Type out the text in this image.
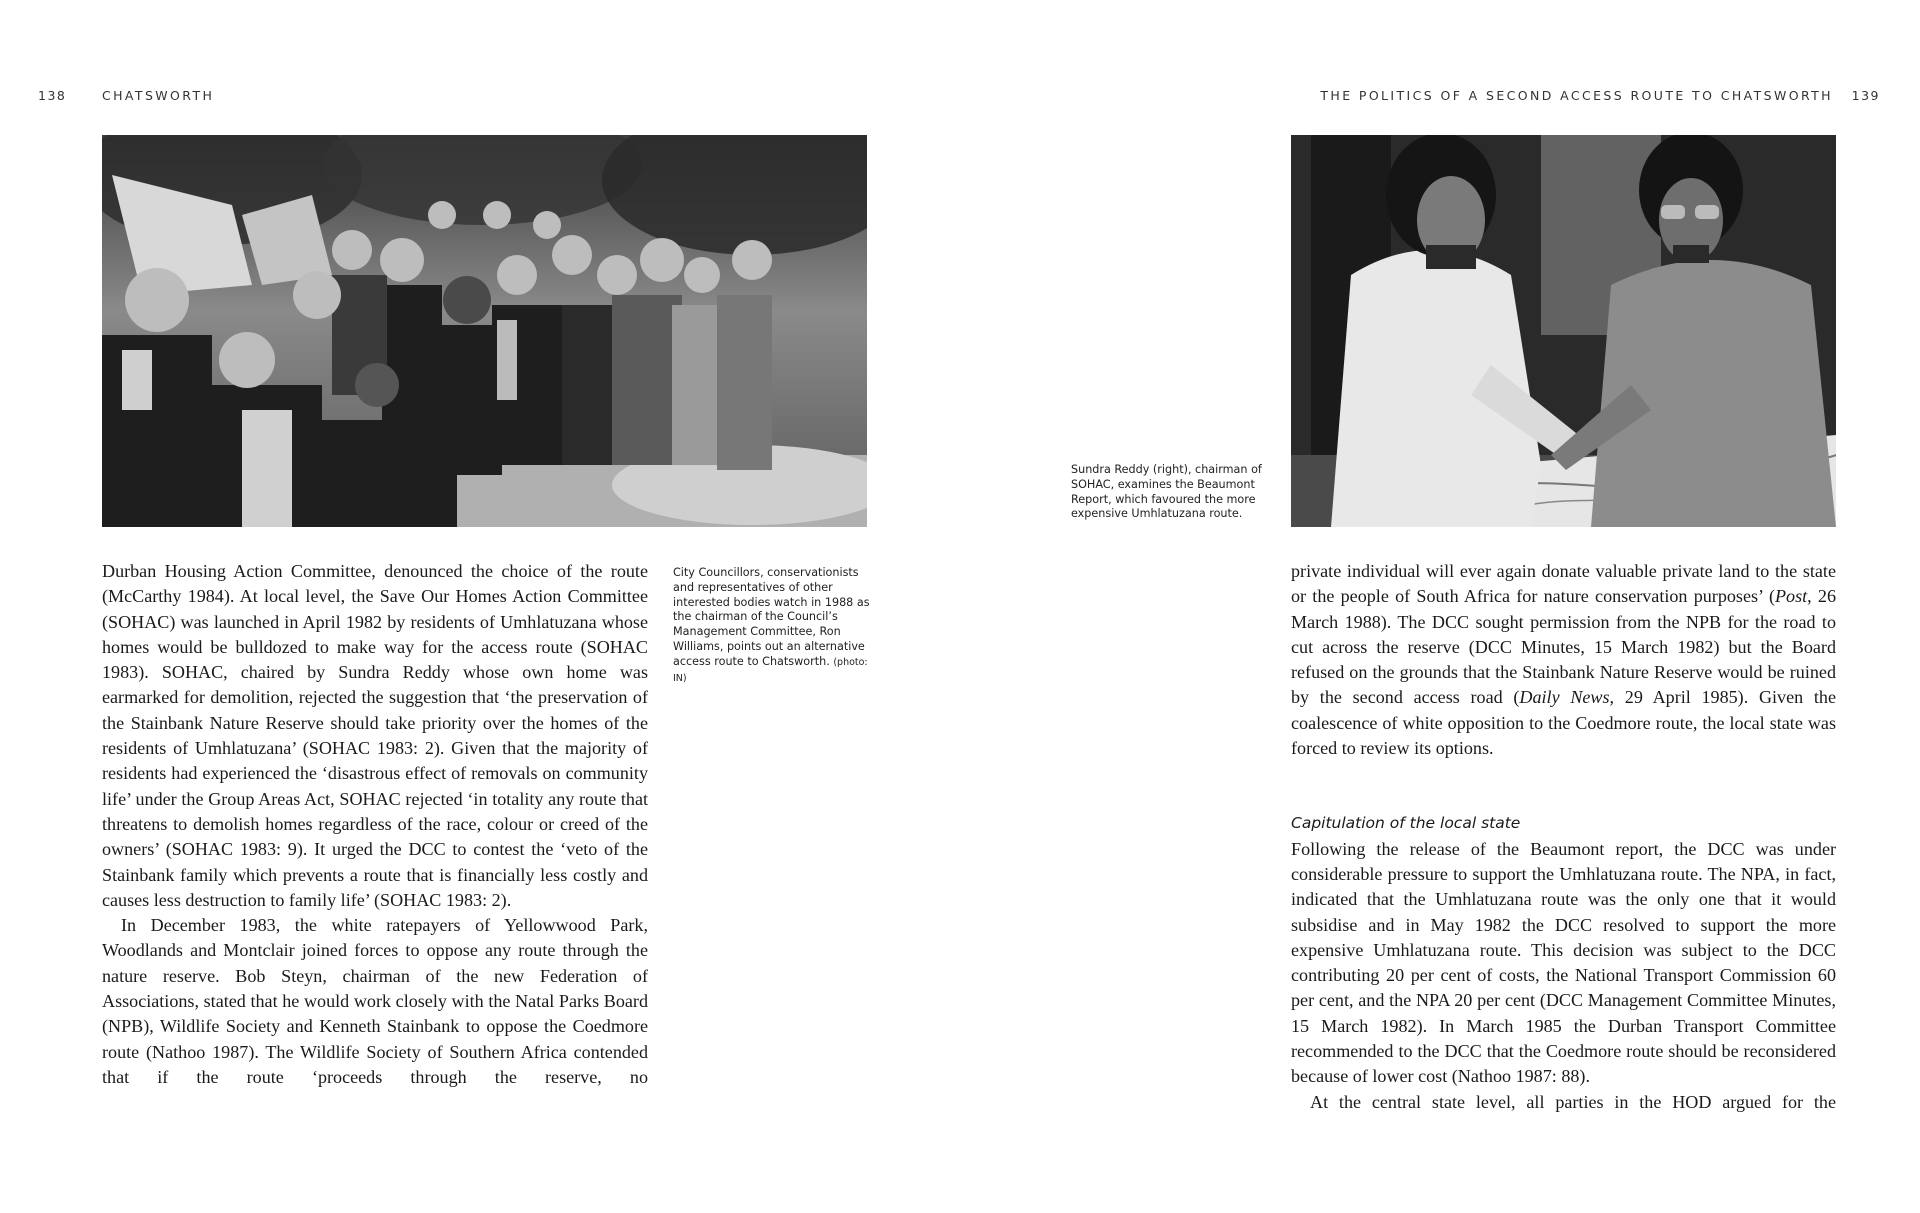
138	CHATSWORTH
City Councillors, conservationists and representatives of other interested bodies watch in 1988 as the chairman of the Council’s Management Committee, Ron Williams, points out an alternative access route to Chatsworth. (photo: IN)

Durban Housing Action Committee, denounced the choice of the route (McCarthy 1984). At local level, the Save Our Homes Action Committee (SOHAC) was launched in April 1982 by residents of Umhlatuzana whose homes would be bulldozed to make way for the access route (SOHAC 1983). SOHAC, chaired by Sundra Reddy whose own home was earmarked for demolition, rejected the suggestion that ‘the preservation of the Stainbank Nature Reserve should take priority over the homes of the residents of Umhlatuzana’ (SOHAC 1983: 2). Given that the majority of residents had experienced the ‘disastrous effect of removals on community life’ under the Group Areas Act, SOHAC rejected ‘in totality any route that threatens to demolish homes regardless of the race, colour or creed of the owners’ (SOHAC 1983: 9). It urged the DCC to contest the ‘veto of the Stainbank family which prevents a route that is financially less costly and causes less destruction to family life’ (SOHAC 1983: 2).

In December 1983, the white ratepayers of Yellowwood Park, Woodlands and Montclair joined forces to oppose any route through the nature reserve. Bob Steyn, chairman of the new Federation of Associations, stated that he would work closely with the Natal Parks Board (NPB), Wildlife Society and Kenneth Stainbank to oppose the Coedmore route (Nathoo 1987). The Wildlife Society of Southern Africa contended that if the route ‘proceeds through the reserve, no

THE POLITICS OF A SECOND ACCESS ROUTE TO CHATSWORTH 139
Sundra Reddy (right), chairman of SOHAC, examines the Beaumont Report, which favoured the more expensive Umhlatuzana route.

private individual will ever again donate valuable private land to the state or the people of South Africa for nature conservation purposes’ (Post, 26 March 1988). The DCC sought permission from the NPB for the road to cut across the reserve (DCC Minutes, 15 March 1982) but the Board refused on the grounds that the Stainbank Nature Reserve would be ruined by the second access road (Daily News, 29 April 1985). Given the coalescence of white opposition to the Coedmore route, the local state was forced to review its options.

Capitulation of the local state

Following the release of the Beaumont report, the DCC was under considerable pressure to support the Umhlatuzana route. The NPA, in fact, indicated that the Umhlatuzana route was the only one that it would subsidise and in May 1982 the DCC resolved to support the more expensive Umhlatuzana route. This decision was subject to the DCC contributing 20 per cent of costs, the National Transport Commission 60 per cent, and the NPA 20 per cent (DCC Management Committee Minutes, 15 March 1982). In March 1985 the Durban Transport Committee recommended to the DCC that the Coedmore route should be reconsidered because of lower cost (Nathoo 1987: 88).

At the central state level, all parties in the HOD argued for the
